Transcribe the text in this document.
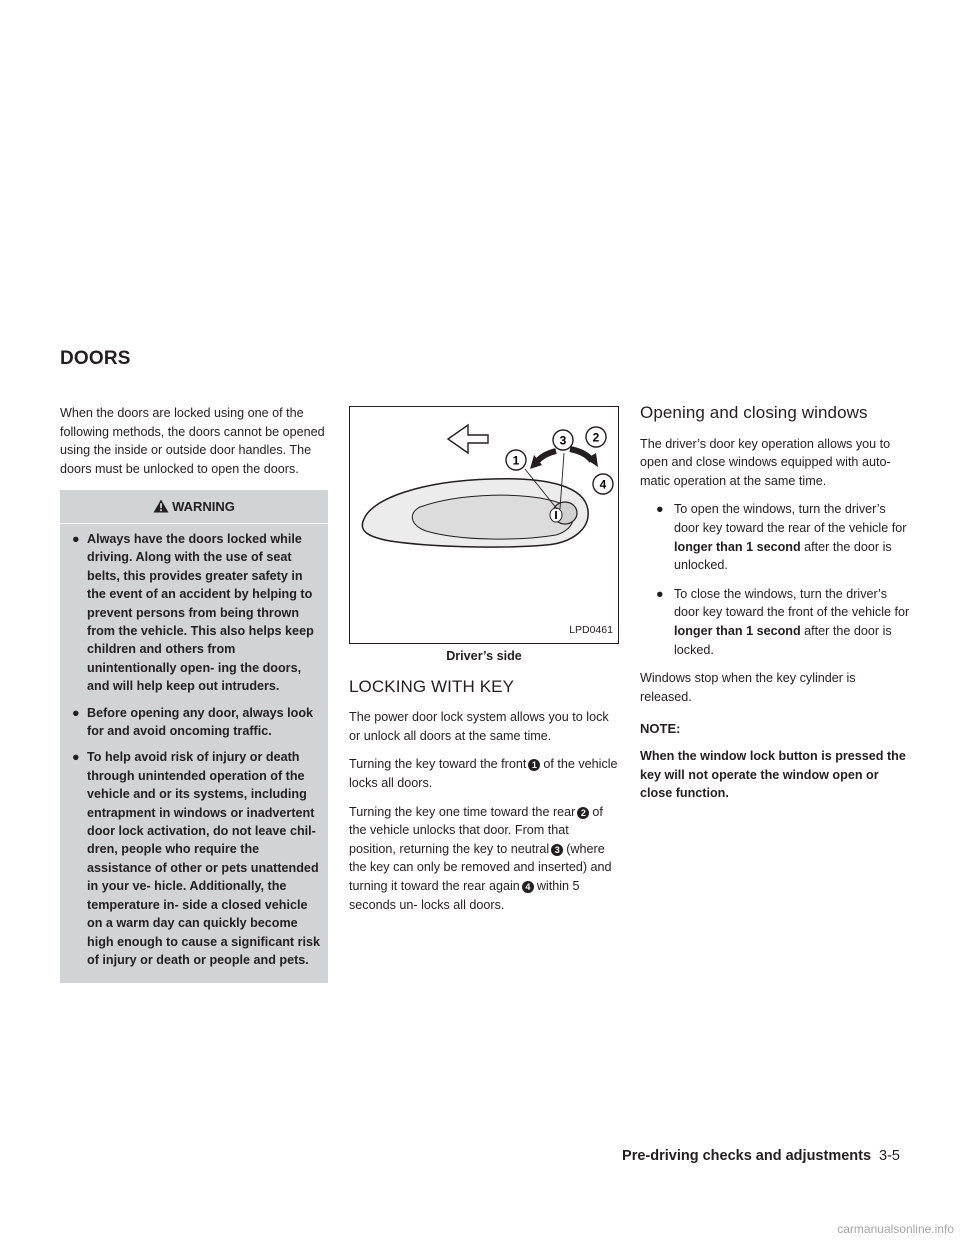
DOORS

When the doors are locked using one of the following methods, the doors cannot be opened using the inside or outside door handles. The doors must be unlocked to open the doors.

WARNING
● Always have the doors locked while driving. Along with the use of seat belts, this provides greater safety in the event of an accident by helping to prevent persons from being thrown from the vehicle. This also helps keep children and others from unintentionally open- ing the doors, and will help keep out intruders.
● Before opening any door, always look for and avoid oncoming traffic.
● To help avoid risk of injury or death through unintended operation of the vehicle and or its systems, including entrapment in windows or inadvertent door lock activation, do not leave chil- dren, people who require the assistance of other or pets unattended in your ve- hicle. Additionally, the temperature in- side a closed vehicle on a warm day can quickly become high enough to cause a significant risk of injury or death or people and pets.
1
3 2
4
LPD0461
Driver’s side
LOCKING WITH KEY

The power door lock system allows you to lock or unlock all doors at the same time.

Turning the key toward the front 1 of the vehicle locks all doors.

Turning the key one time toward the rear 2 of the vehicle unlocks that door. From that position, returning the key to neutral 3 (where the key can only be removed and inserted) and turning it toward the rear again 4 within 5 seconds un- locks all doors.

Opening and closing windows

The driver’s door key operation allows you to open and close windows equipped with auto- matic operation at the same time.

● To open the windows, turn the driver’s door key toward the rear of the vehicle for longer than 1 second after the door is unlocked.
● To close the windows, turn the driver’s door key toward the front of the vehicle for longer than 1 second after the door is locked.

Windows stop when the key cylinder is released.

NOTE:

When the window lock button is pressed the key will not operate the window open or close function.

Pre-driving checks and adjustments 3-5
carmanualsonline.info
